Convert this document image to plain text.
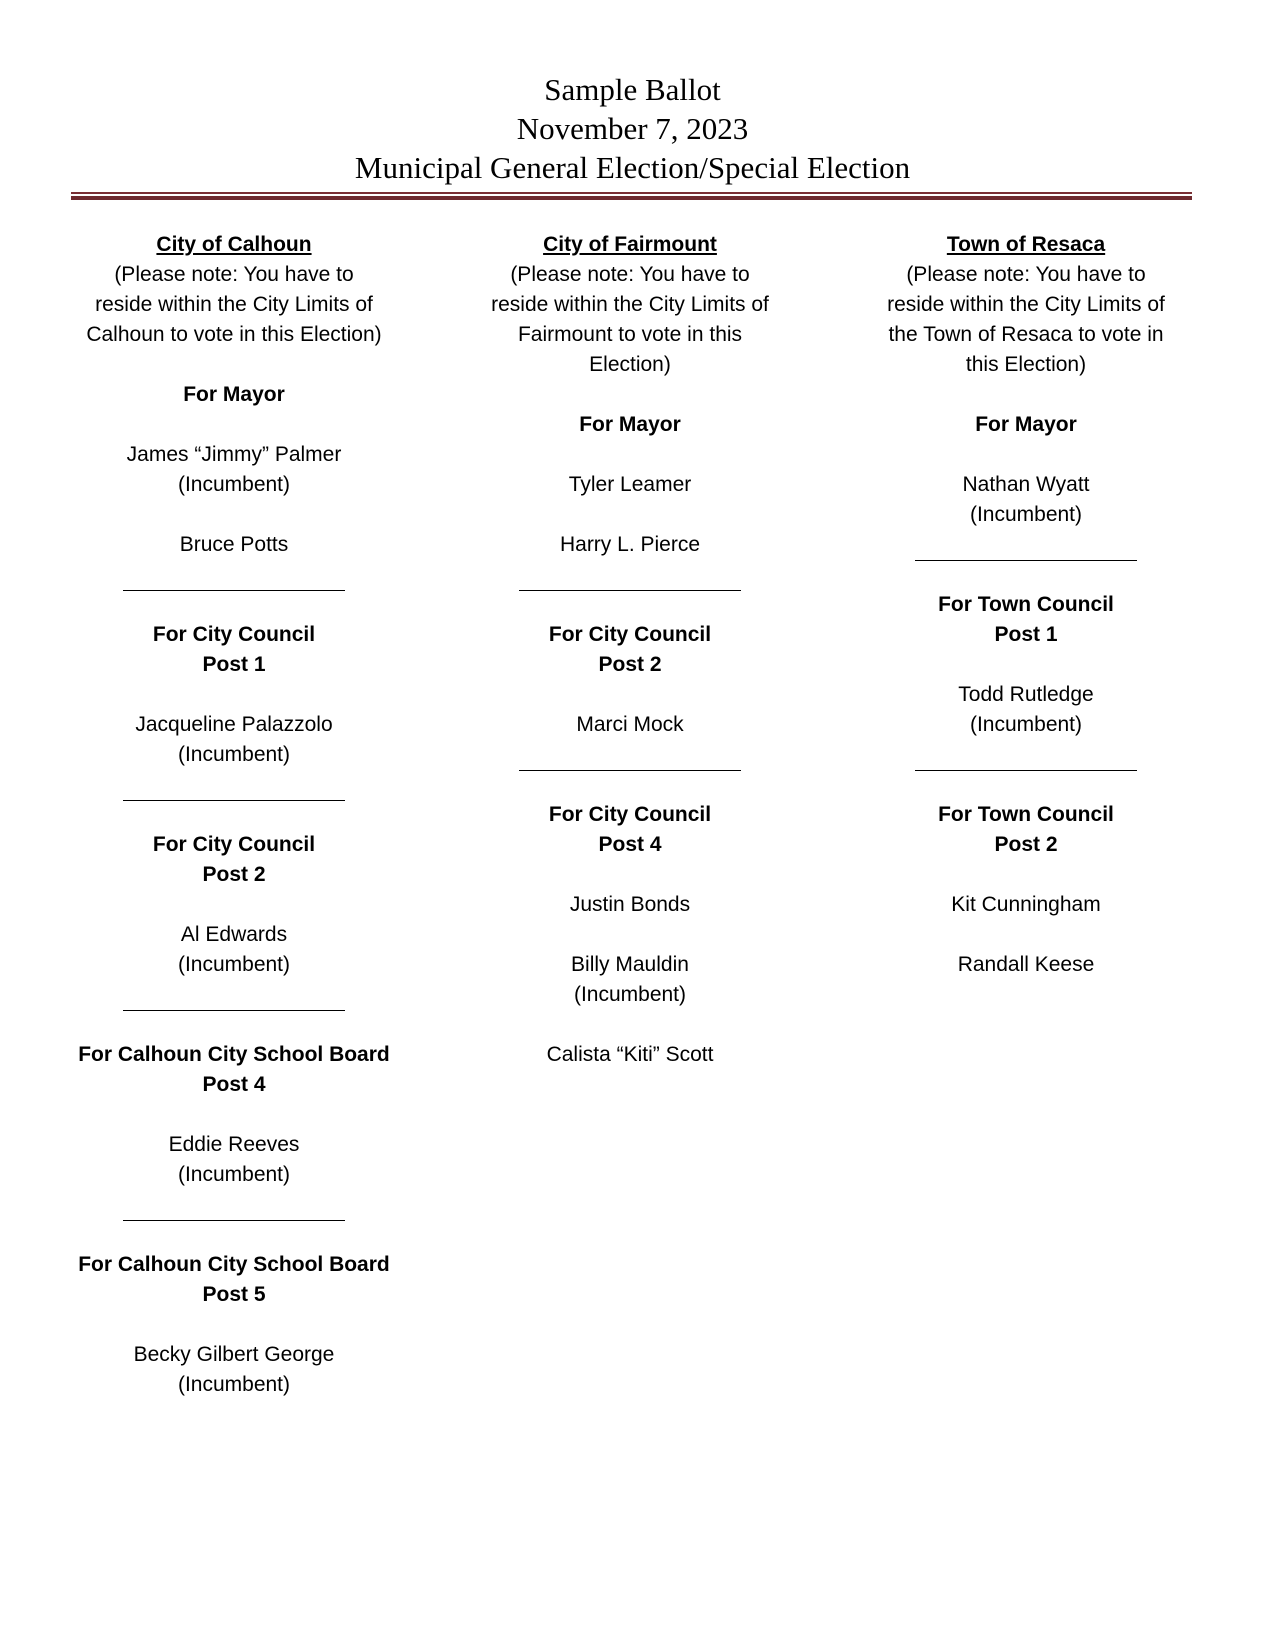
Sample Ballot
November 7, 2023
Municipal General Election/Special Election
City of Calhoun
(Please note: You have to
reside within the City Limits of
Calhoun to vote in this Election)
For Mayor
James “Jimmy” Palmer
(Incumbent)
Bruce Potts
For City Council
Post 1
Jacqueline Palazzolo
(Incumbent)
For City Council
Post 2
Al Edwards
(Incumbent)
For Calhoun City School Board
Post 4
Eddie Reeves
(Incumbent)
For Calhoun City School Board
Post 5
Becky Gilbert George
(Incumbent)
City of Fairmount
(Please note: You have to
reside within the City Limits of
Fairmount to vote in this
Election)
For Mayor
Tyler Leamer
Harry L. Pierce
For City Council
Post 2
Marci Mock
For City Council
Post 4
Justin Bonds
Billy Mauldin
(Incumbent)
Calista “Kiti” Scott
Town of Resaca
(Please note: You have to
reside within the City Limits of
the Town of Resaca to vote in
this Election)
For Mayor
Nathan Wyatt
(Incumbent)
For Town Council
Post 1
Todd Rutledge
(Incumbent)
For Town Council
Post 2
Kit Cunningham
Randall Keese
